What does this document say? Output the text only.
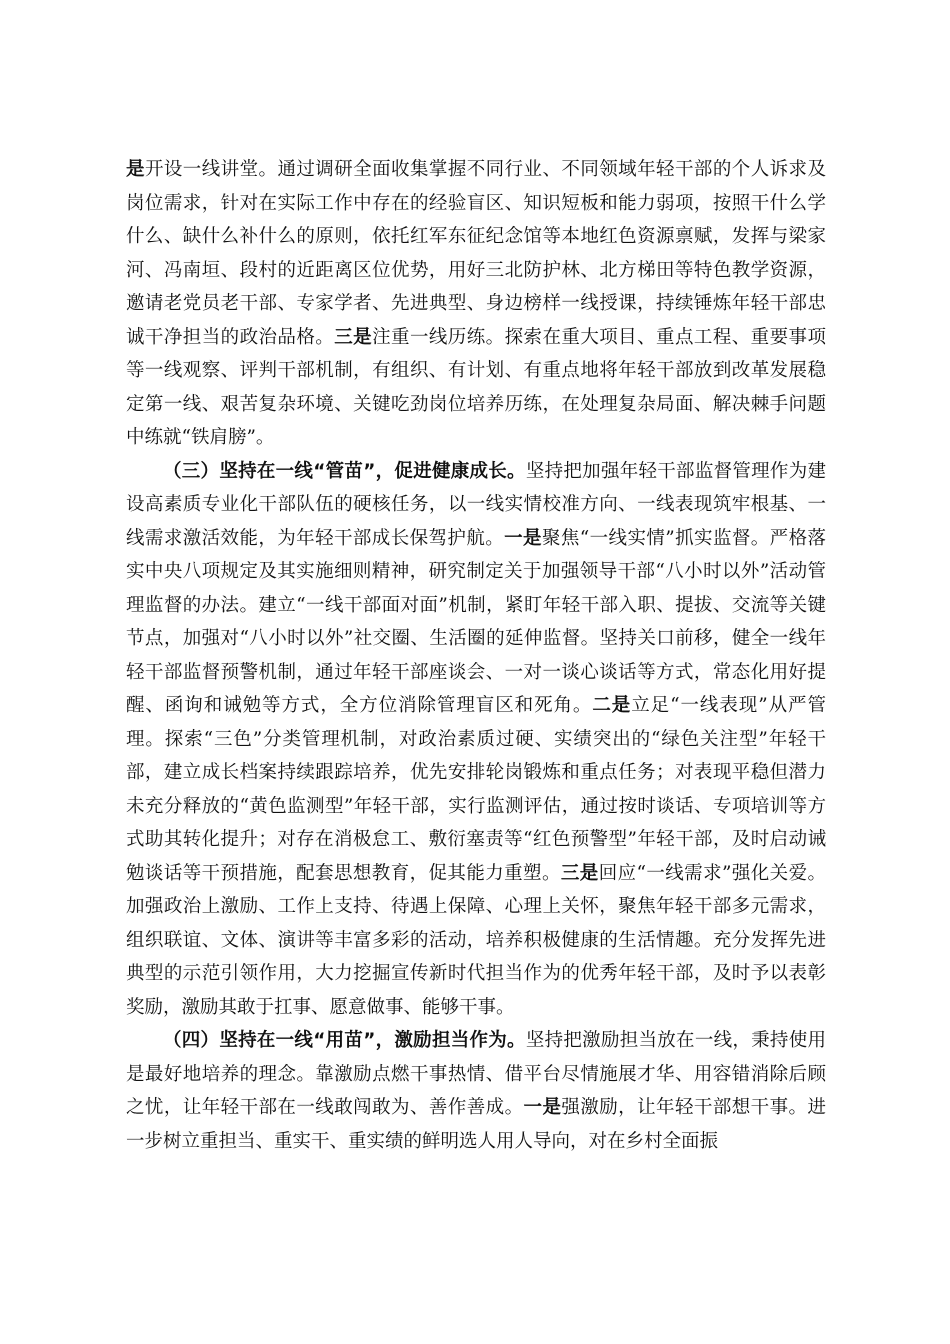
是开设一线讲堂。通过调研全面收集掌握不同行业、不同领域年轻干部的个人诉求及岗位需求，针对在实际工作中存在的经验盲区、知识短板和能力弱项，按照干什么学什么、缺什么补什么的原则，依托红军东征纪念馆等本地红色资源禀赋，发挥与梁家河、冯南垣、段村的近距离区位优势，用好三北防护林、北方梯田等特色教学资源，邀请老党员老干部、专家学者、先进典型、身边榜样一线授课，持续锤炼年轻干部忠诚干净担当的政治品格。三是注重一线历练。探索在重大项目、重点工程、重要事项等一线观察、评判干部机制，有组织、有计划、有重点地将年轻干部放到改革发展稳定第一线、艰苦复杂环境、关键吃劲岗位培养历练，在处理复杂局面、解决棘手问题中练就“铁肩膀”。

（三）坚持在一线“管苗”，促进健康成长。坚持把加强年轻干部监督管理作为建设高素质专业化干部队伍的硬核任务，以一线实情校准方向、一线表现筑牢根基、一线需求激活效能，为年轻干部成长保驾护航。一是聚焦“一线实情”抓实监督。严格落实中央八项规定及其实施细则精神，研究制定关于加强领导干部“八小时以外”活动管理监督的办法。建立“一线干部面对面”机制，紧盯年轻干部入职、提拔、交流等关键节点，加强对“八小时以外”社交圈、生活圈的延伸监督。坚持关口前移，健全一线年轻干部监督预警机制，通过年轻干部座谈会、一对一谈心谈话等方式，常态化用好提醒、函询和诫勉等方式，全方位消除管理盲区和死角。二是立足“一线表现”从严管理。探索“三色”分类管理机制，对政治素质过硬、实绩突出的“绿色关注型”年轻干部，建立成长档案持续跟踪培养，优先安排轮岗锻炼和重点任务；对表现平稳但潜力未充分释放的“黄色监测型”年轻干部，实行监测评估，通过按时谈话、专项培训等方式助其转化提升；对存在消极怠工、敷衍塞责等“红色预警型”年轻干部，及时启动诫勉谈话等干预措施，配套思想教育，促其能力重塑。三是回应“一线需求”强化关爱。加强政治上激励、工作上支持、待遇上保障、心理上关怀，聚焦年轻干部多元需求，组织联谊、文体、演讲等丰富多彩的活动，培养积极健康的生活情趣。充分发挥先进典型的示范引领作用，大力挖掘宣传新时代担当作为的优秀年轻干部，及时予以表彰奖励，激励其敢于扛事、愿意做事、能够干事。

（四）坚持在一线“用苗”，激励担当作为。坚持把激励担当放在一线，秉持使用是最好地培养的理念。靠激励点燃干事热情、借平台尽情施展才华、用容错消除后顾之忧，让年轻干部在一线敢闯敢为、善作善成。一是强激励，让年轻干部想干事。进一步树立重担当、重实干、重实绩的鲜明选人用人导向，对在乡村全面振
